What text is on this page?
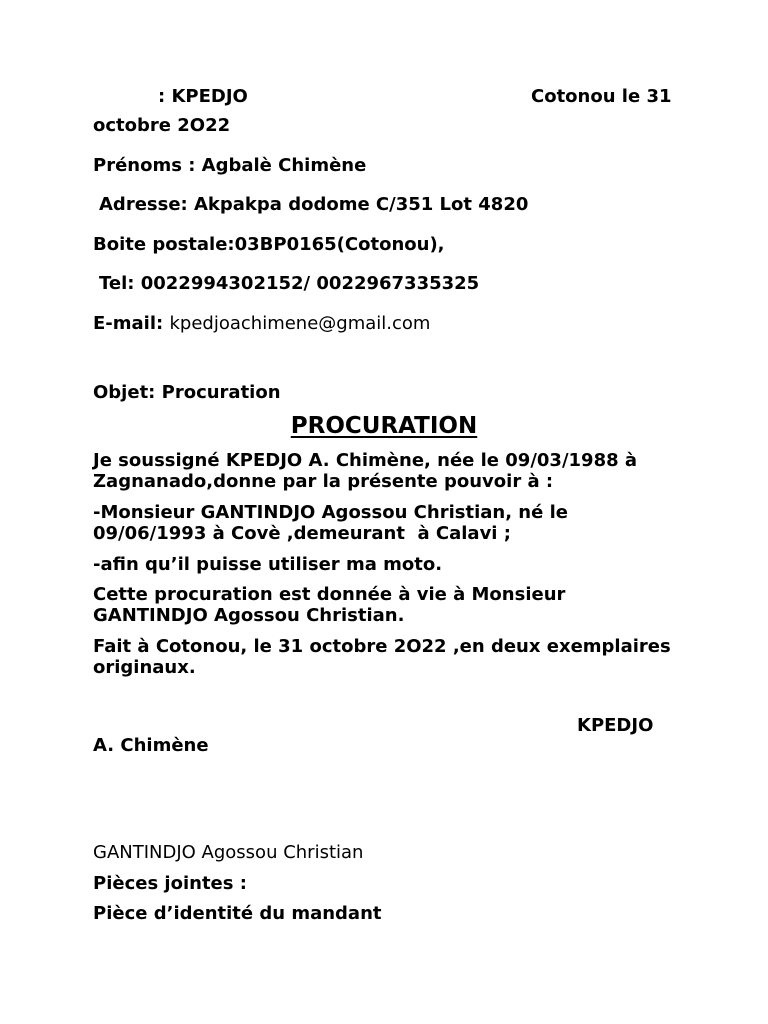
: KPEDJO	Cotonou le 31
octobre 2O22
Prénoms : Agbalè Chimène
Adresse: Akpakpa dodome C/351 Lot 4820
Boite postale:03BP0165(Cotonou),
Tel: 0022994302152/ 0022967335325
E-mail: kpedjoachimene@gmail.com
Objet: Procuration
PROCURATION
Je soussigné KPEDJO A. Chimène, née le 09/03/1988 à
Zagnanado,donne par la présente pouvoir à :
-Monsieur GANTINDJO Agossou Christian, né le
09/06/1993 à Covè ,demeurant  à Calavi ;
-afin qu’il puisse utiliser ma moto.
Cette procuration est donnée à vie à Monsieur
GANTINDJO Agossou Christian.
Fait à Cotonou, le 31 octobre 2O22 ,en deux exemplaires
originaux.
KPEDJO
A. Chimène
GANTINDJO Agossou Christian
Pièces jointes :
Pièce d’identité du mandant
